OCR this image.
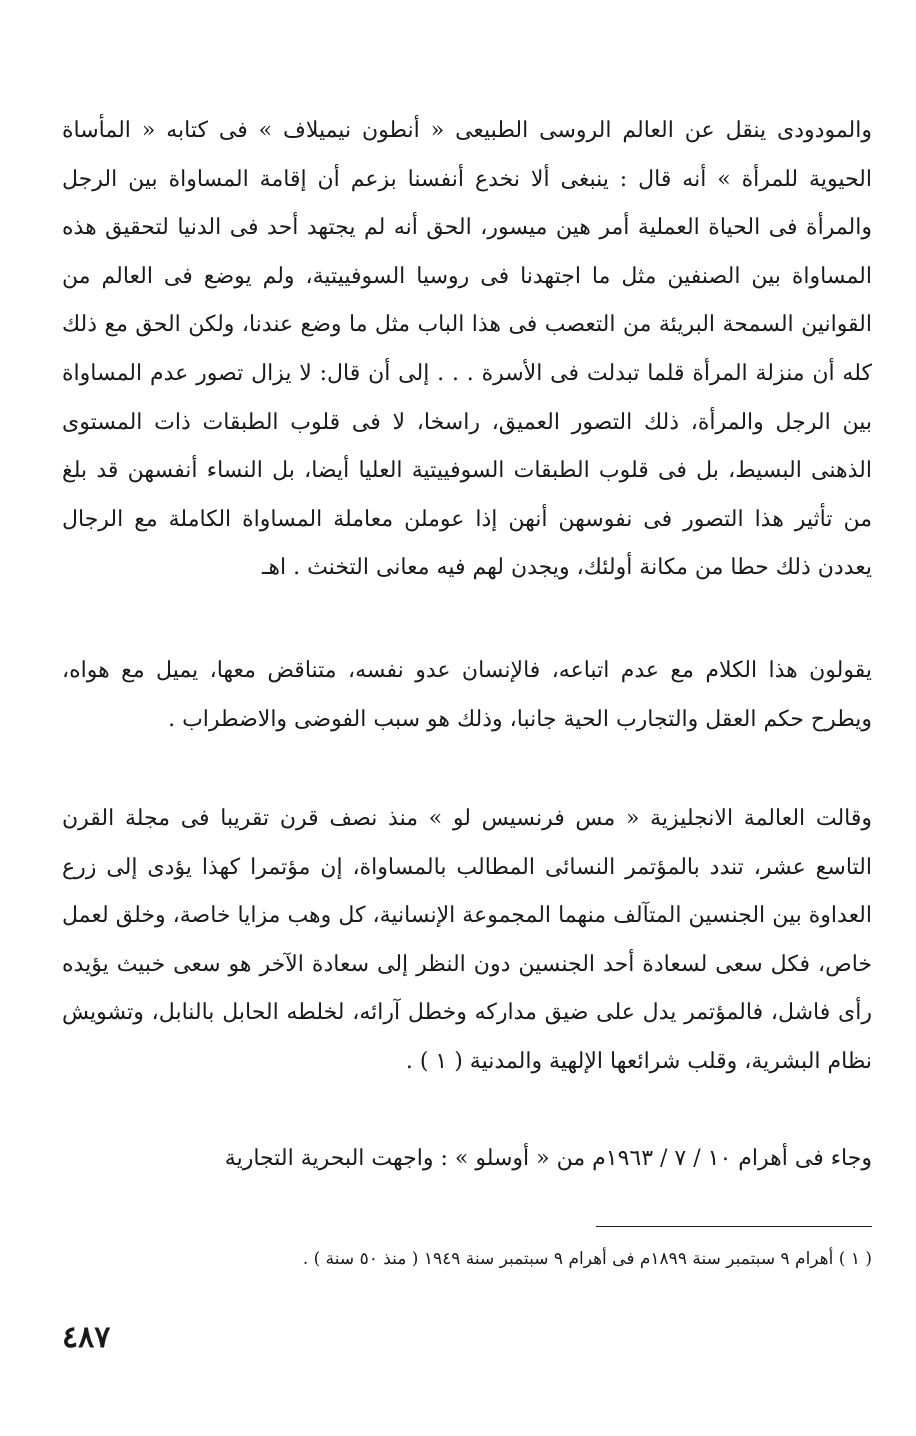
والمودودى ينقل عن العالم الروسى الطبيعى « أنطون نيميلاف » فى كتابه « المأساة الحيوية للمرأة » أنه قال : ينبغى ألا نخدع أنفسنا بزعم أن إقامة المساواة بين الرجل والمرأة فى الحياة العملية أمر هين ميسور، الحق أنه لم يجتهد أحد فى الدنيا لتحقيق هذه المساواة بين الصنفين مثل ما اجتهدنا فى روسيا السوفييتية، ولم يوضع فى العالم من القوانين السمحة البريئة من التعصب فى هذا الباب مثل ما وضع عندنا، ولكن الحق مع ذلك كله أن منزلة المرأة قلما تبدلت فى الأسرة . . . إلى أن قال: لا يزال تصور عدم المساواة بين الرجل والمرأة، ذلك التصور العميق، راسخا، لا فى قلوب الطبقات ذات المستوى الذهنى البسيط، بل فى قلوب الطبقات السوفييتية العليا أيضا، بل النساء أنفسهن قد بلغ من تأثير هذا التصور فى نفوسهن أنهن إذا عوملن معاملة المساواة الكاملة مع الرجال يعددن ذلك حطا من مكانة أولئك، ويجدن لهم فيه معانى التخنث . اهـ

يقولون هذا الكلام مع عدم اتباعه، فالإنسان عدو نفسه، متناقض معها، يميل مع هواه، ويطرح حكم العقل والتجارب الحية جانبا، وذلك هو سبب الفوضى والاضطراب .

وقالت العالمة الانجليزية « مس فرنسيس لو » منذ نصف قرن تقريبا فى مجلة القرن التاسع عشر، تندد بالمؤتمر النسائى المطالب بالمساواة، إن مؤتمرا كهذا يؤدى إلى زرع العداوة بين الجنسين المتآلف منهما المجموعة الإنسانية، كل وهب مزايا خاصة، وخلق لعمل خاص، فكل سعى لسعادة أحد الجنسين دون النظر إلى سعادة الآخر هو سعى خبيث يؤيده رأى فاشل، فالمؤتمر يدل على ضيق مداركه وخطل آرائه، لخلطه الحابل بالنابل، وتشويش نظام البشرية، وقلب شرائعها الإلهية والمدنية ( ١ ) .

وجاء فى أهرام ١٠ / ٧ / ١٩٦٣م من « أوسلو » : واجهت البحرية التجارية

( ١ ) أهرام ٩ سبتمبر سنة ١٨٩٩م فى أهرام ٩ سبتمبر سنة ١٩٤٩ ( منذ ٥٠ سنة ) .
٤٨٧
